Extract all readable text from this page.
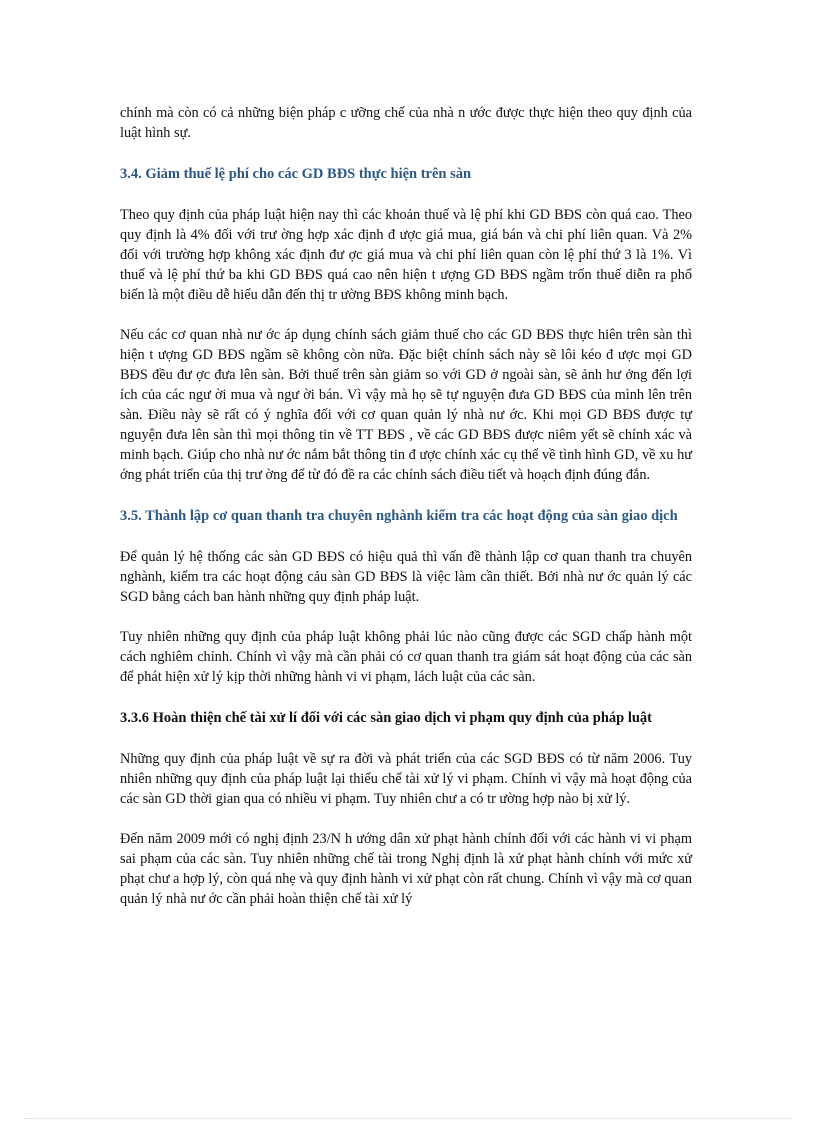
chính mà còn có cả những biện pháp c ưỡng chế của nhà n ước được thực hiện theo quy định của luật hình sự.

3.4. Giảm thuế lệ phí cho các GD BĐS thực hiện trên sàn

Theo quy định của pháp luật hiện nay thì các khoản thuế và lệ phí khi GD BĐS còn quá cao. Theo quy định là 4% đối với trư ờng hợp xác định đ ược giá mua, giá bán và chi phí liên quan. Và 2% đối với trường hợp không xác định đư ợc giá mua và chi phí liên quan còn lệ phí thứ 3 là 1%. Vì thuế và lệ phí thứ ba khi GD BĐS quá cao nên hiện t ượng GD BĐS ngầm trốn thuế diễn ra phổ biến là một điều dễ hiểu dẫn đến thị tr ường BĐS không minh bạch.

Nếu các cơ quan nhà nư ớc áp dụng chính sách giảm thuế cho các GD BĐS thực hiên trên sàn thì hiện t ượng GD BĐS ngầm sẽ không còn nữa. Đặc biệt chính sách này sẽ lôi kéo đ ược mọi GD BĐS đều đư ợc đưa lên sàn. Bởi thuế trên sàn giảm so với GD ở ngoài sàn, sẽ ảnh hư ởng đến lợi ích của các ngư ời mua và ngư ời bán. Vì vậy mà họ sẽ tự nguyện đưa GD BĐS của mình lên trên sàn. Điều này sẽ rất có ý nghĩa đối với cơ quan quản lý nhà nư ớc. Khi mọi GD BĐS được tự nguyện đưa lên sàn thì mọi thông tin về TT BĐS , về các GD BĐS được niêm yết sẽ chính xác và minh bạch. Giúp cho nhà nư ớc nắm bắt thông tin đ ược chính xác cụ thể về tình hình GD, về xu hư ớng phát triển của thị trư ờng để từ đó đề ra các chính sách điều tiết và hoạch định đúng đắn.

3.5. Thành lập cơ quan thanh tra chuyên nghành kiểm tra các hoạt động của sàn giao dịch

Để quản lý hệ thống các sàn GD BĐS có hiệu quả thì vấn đề thành lập cơ quan thanh tra chuyên nghành, kiểm tra các hoạt động cảu sàn GD BĐS là việc làm cần thiết. Bởi nhà nư ớc quản lý các SGD bằng cách ban hành những quy định pháp luật.

Tuy nhiên những quy định của pháp luật không phải lúc nào cũng được các SGD chấp hành một cách nghiêm chỉnh. Chính vì vậy mà cần phải có cơ quan thanh tra giám sát hoạt động của các sàn để phát hiện xử lý kịp thời những hành vi vi phạm, lách luật của các sàn.

3.3.6 Hoàn thiện chế tài xử lí đối với các sàn giao dịch vi phạm quy định của pháp luật

Những quy định của pháp luật về sự ra đời và phát triển của các SGD BĐS có từ năm 2006. Tuy nhiên những quy định của pháp luật lại thiếu chế tài xử lý vi phạm. Chính vì vậy mà hoạt động của các sàn GD thời gian qua có nhiều vi phạm. Tuy nhiên chư a có tr ường hợp nào bị xử lý.

Đến năm 2009 mới có nghị định 23/N h ướng dân xử phạt hành chính đối với các hành vi vi phạm sai phạm của các sàn. Tuy nhiên những chế tài trong Nghị định là xử phạt hành chính với mức xử phạt chư a hợp lý, còn quá nhẹ và quy định hành vi xử phạt còn rất chung. Chính vì vậy mà cơ quan quản lý nhà nư ớc cần phải hoàn thiện chế tài xử lý
